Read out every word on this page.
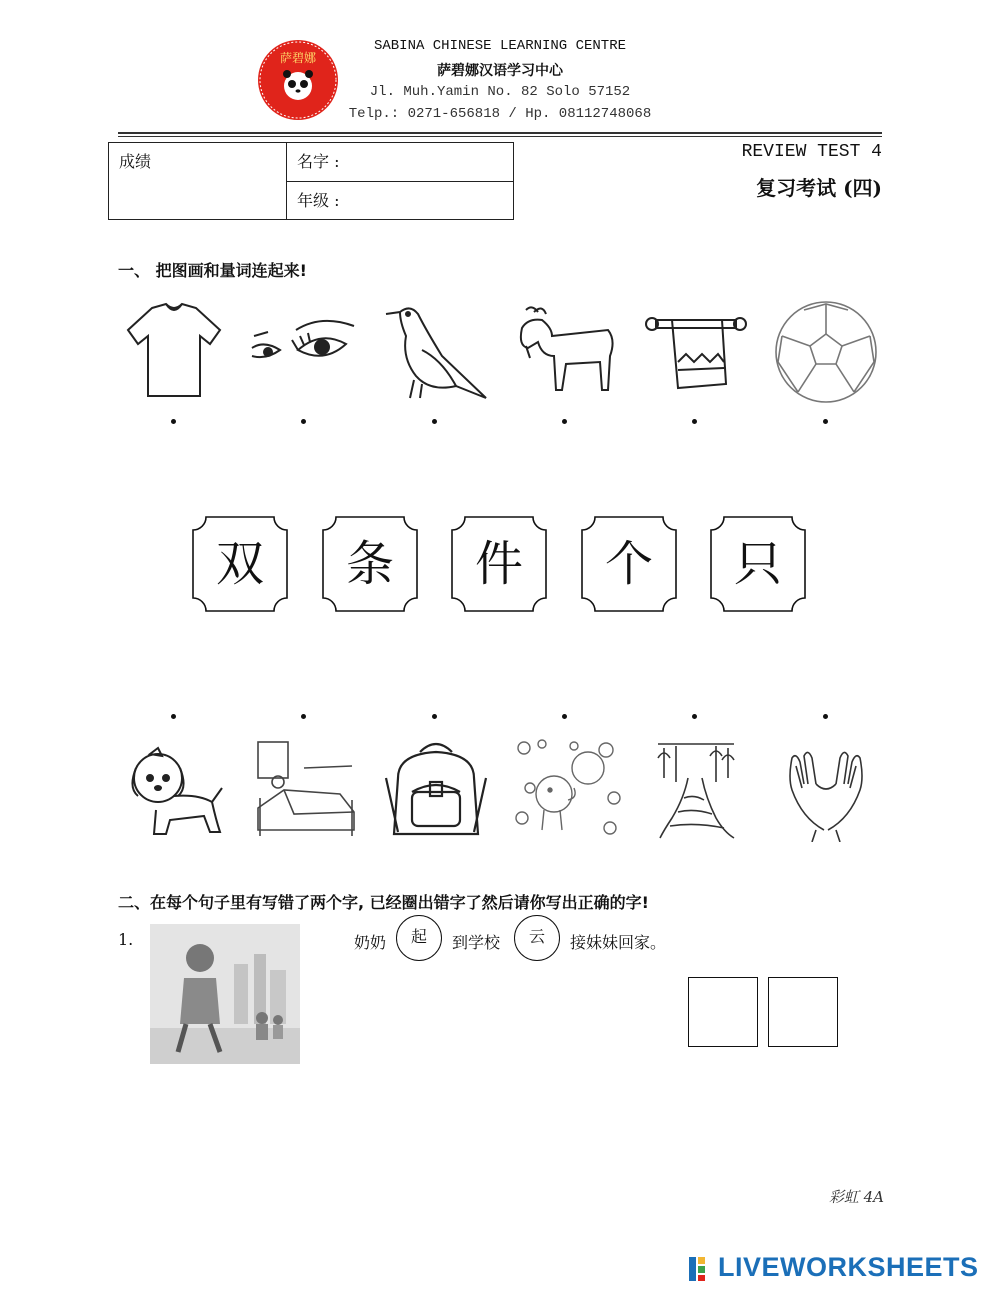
萨碧娜
SABINA CHINESE LEARNING CENTRE
萨碧娜汉语学习中心
Jl. Muh.Yamin No. 82 Solo 57152
Telp.: 0271-656818 / Hp. 08112748068
成绩	名字 :
年级 :
REVIEW TEST 4
复习考试 (四)
一、 把图画和量词连起来!
双	条	件	个	只
二、在每个句子里有写错了两个字, 已经圈出错字了然后请你写出正确的字!
1.	奶奶	起	到学校	云	接妹妹回家。
彩虹 4A
LIVEWORKSHEETS
